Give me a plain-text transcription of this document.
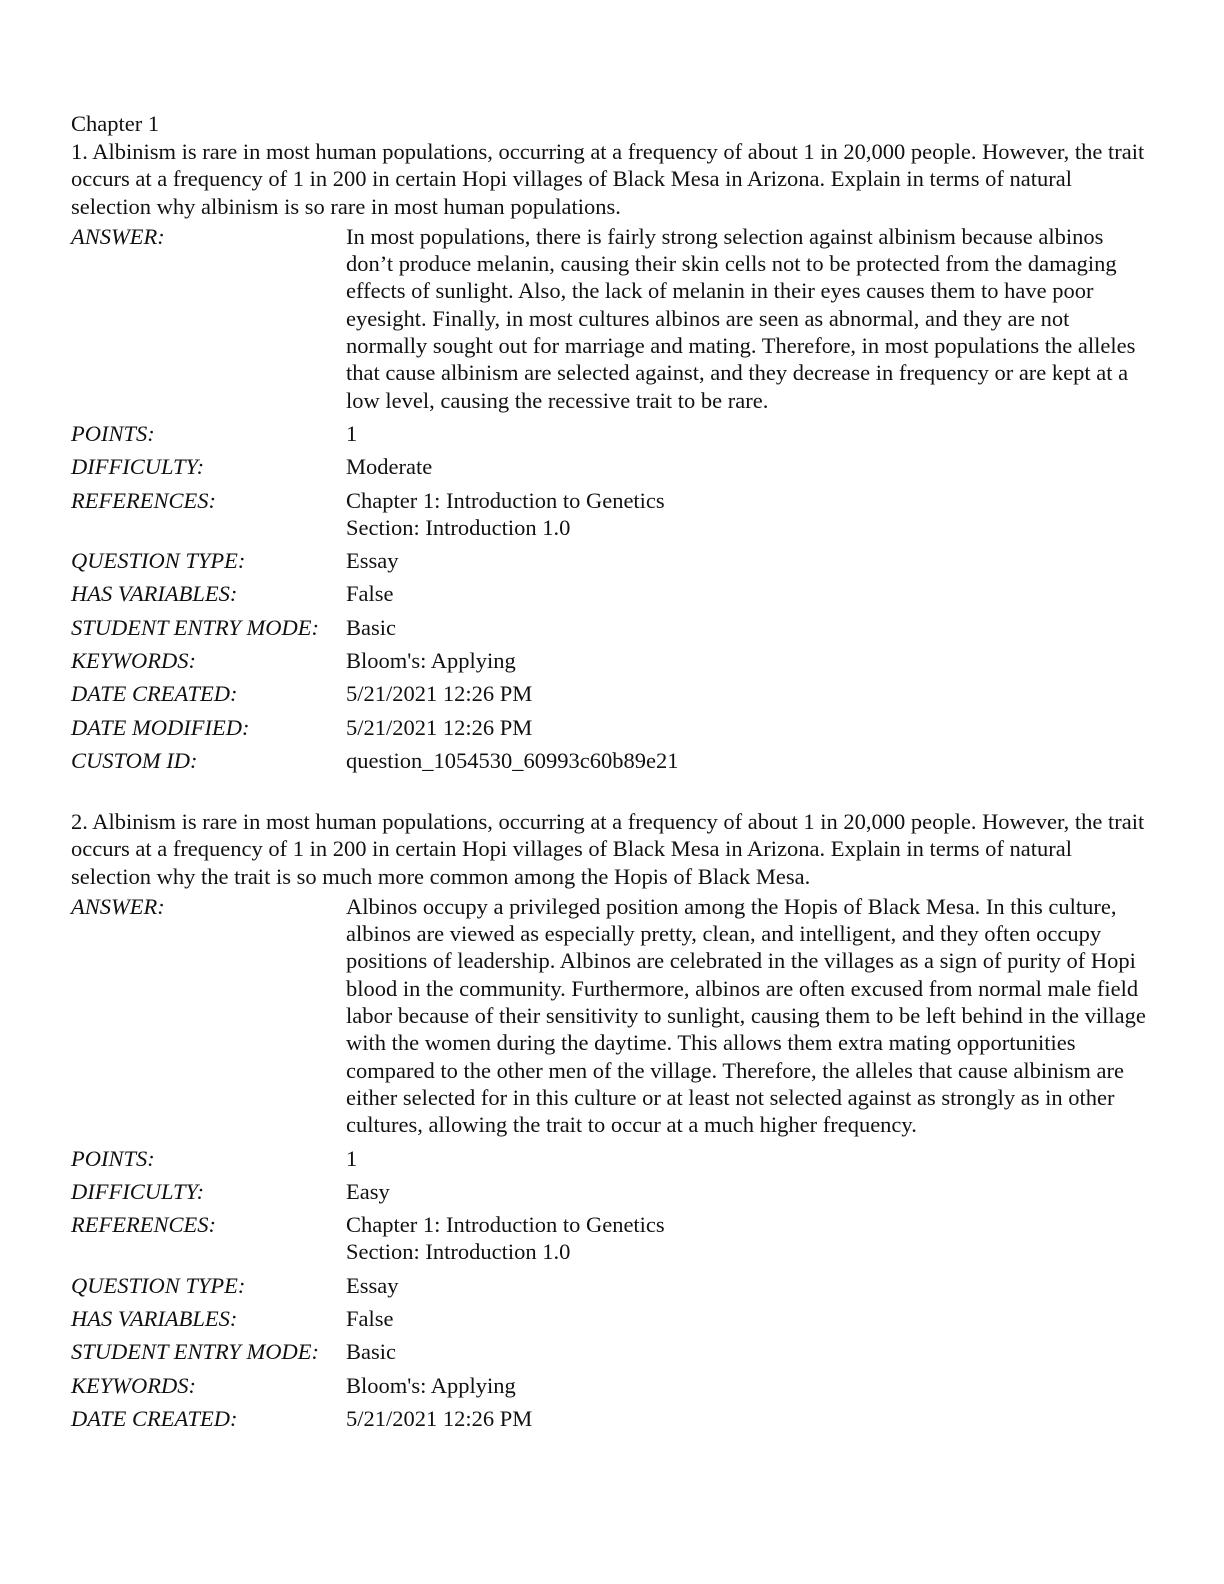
Chapter 1

1. Albinism is rare in most human populations, occurring at a frequency of about 1 in 20,000 people. However, the trait occurs at a frequency of 1 in 200 in certain Hopi villages of Black Mesa in Arizona. Explain in terms of natural selection why albinism is so rare in most human populations.

ANSWER:	In most populations, there is fairly strong selection against albinism because albinos don’t produce melanin, causing their skin cells not to be protected from the damaging effects of sunlight. Also, the lack of melanin in their eyes causes them to have poor eyesight. Finally, in most cultures albinos are seen as abnormal, and they are not normally sought out for marriage and mating. Therefore, in most populations the alleles that cause albinism are selected against, and they decrease in frequency or are kept at a low level, causing the recessive trait to be rare.
POINTS:	1
DIFFICULTY:	Moderate
REFERENCES:	Chapter 1: Introduction to Genetics
Section: Introduction 1.0

QUESTION TYPE:	Essay
HAS VARIABLES:	False
STUDENT ENTRY MODE:	Basic
KEYWORDS:	Bloom's: Applying
DATE CREATED:	5/21/2021 12:26 PM
DATE MODIFIED:	5/21/2021 12:26 PM
CUSTOM ID:	question_1054530_60993c60b89e21

2. Albinism is rare in most human populations, occurring at a frequency of about 1 in 20,000 people. However, the trait occurs at a frequency of 1 in 200 in certain Hopi villages of Black Mesa in Arizona. Explain in terms of natural selection why the trait is so much more common among the Hopis of Black Mesa.

ANSWER:	Albinos occupy a privileged position among the Hopis of Black Mesa. In this culture, albinos are viewed as especially pretty, clean, and intelligent, and they often occupy positions of leadership. Albinos are celebrated in the villages as a sign of purity of Hopi blood in the community. Furthermore, albinos are often excused from normal male field labor because of their sensitivity to sunlight, causing them to be left behind in the village with the women during the daytime. This allows them extra mating opportunities compared to the other men of the village. Therefore, the alleles that cause albinism are either selected for in this culture or at least not selected against as strongly as in other cultures, allowing the trait to occur at a much higher frequency.
POINTS:	1
DIFFICULTY:	Easy
REFERENCES:	Chapter 1: Introduction to Genetics
Section: Introduction 1.0

QUESTION TYPE:	Essay
HAS VARIABLES:	False
STUDENT ENTRY MODE:	Basic
KEYWORDS:	Bloom's: Applying
DATE CREATED:	5/21/2021 12:26 PM
